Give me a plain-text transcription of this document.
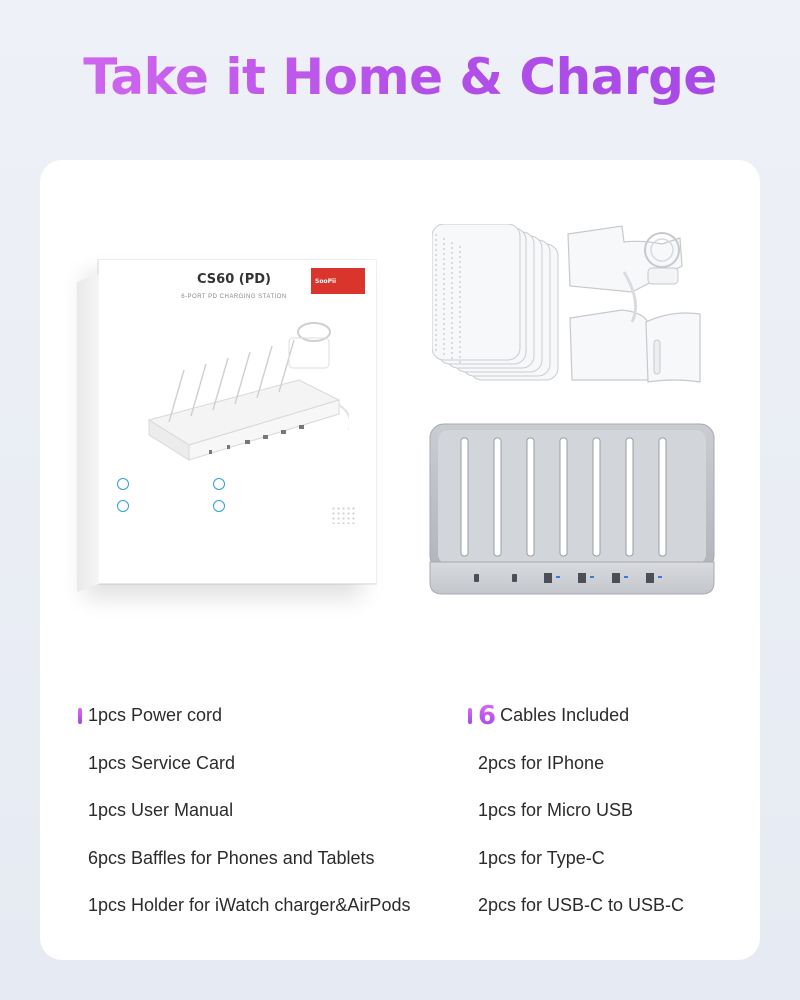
Take it Home & Charge
SooPii
CS60 (PD)
6-PORT PD CHARGING STATION
1pcs Power cord
1pcs Service Card
1pcs User Manual
6pcs Baffles for Phones and Tablets
1pcs Holder for iWatch charger&AirPods
6 Cables Included
2pcs for IPhone
1pcs for Micro USB
1pcs for Type-C
2pcs for USB-C to USB-C
